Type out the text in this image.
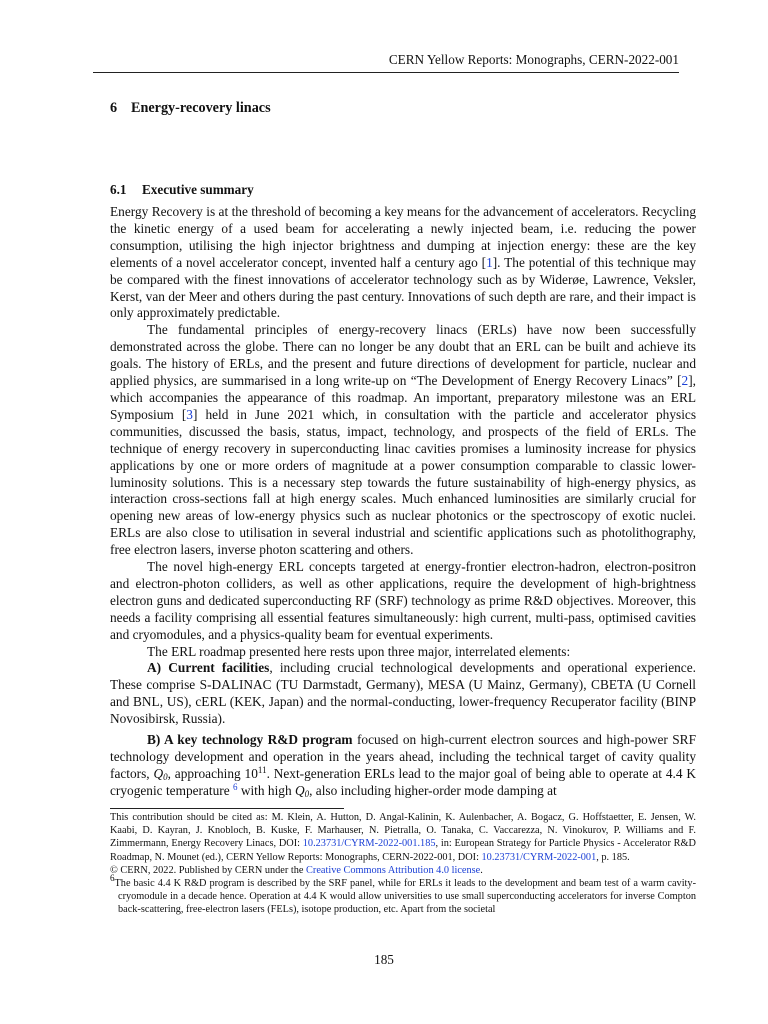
CERN Yellow Reports: Monographs, CERN-2022-001
6 Energy-recovery linacs
6.1 Executive summary

Energy Recovery is at the threshold of becoming a key means for the advancement of accelerators. Recycling the kinetic energy of a used beam for accelerating a newly injected beam, i.e. reducing the power consumption, utilising the high injector brightness and dumping at injection energy: these are the key elements of a novel accelerator concept, invented half a century ago [1]. The potential of this technique may be compared with the finest innovations of accelerator technology such as by Widerøe, Lawrence, Veksler, Kerst, van der Meer and others during the past century. Innovations of such depth are rare, and their impact is only approximately predictable.

The fundamental principles of energy-recovery linacs (ERLs) have now been successfully demonstrated across the globe. There can no longer be any doubt that an ERL can be built and achieve its goals. The history of ERLs, and the present and future directions of development for particle, nuclear and applied physics, are summarised in a long write-up on “The Development of Energy Recovery Linacs” [2], which accompanies the appearance of this roadmap. An important, preparatory milestone was an ERL Symposium [3] held in June 2021 which, in consultation with the particle and accelerator physics communities, discussed the basis, status, impact, technology, and prospects of the field of ERLs. The technique of energy recovery in superconducting linac cavities promises a luminosity increase for physics applications by one or more orders of magnitude at a power consumption comparable to classic lower-luminosity solutions. This is a necessary step towards the future sustainability of high-energy physics, as interaction cross-sections fall at high energy scales. Much enhanced luminosities are similarly crucial for opening new areas of low-energy physics such as nuclear photonics or the spectroscopy of exotic nuclei. ERLs are also close to utilisation in several industrial and scientific applications such as photolithography, free electron lasers, inverse photon scattering and others.

The novel high-energy ERL concepts targeted at energy-frontier electron-hadron, electron-positron and electron-photon colliders, as well as other applications, require the development of high-brightness electron guns and dedicated superconducting RF (SRF) technology as prime R&D objectives. Moreover, this needs a facility comprising all essential features simultaneously: high current, multi-pass, optimised cavities and cryomodules, and a physics-quality beam for eventual experiments.

The ERL roadmap presented here rests upon three major, interrelated elements:

A) Current facilities, including crucial technological developments and operational experience. These comprise S-DALINAC (TU Darmstadt, Germany), MESA (U Mainz, Germany), CBETA (U Cornell and BNL, US), cERL (KEK, Japan) and the normal-conducting, lower-frequency Recuperator facility (BINP Novosibirsk, Russia).

B) A key technology R&D program focused on high-current electron sources and high-power SRF technology development and operation in the years ahead, including the technical target of cavity quality factors, $Q_0$, approaching $10^{11}$. Next-generation ERLs lead to the major goal of being able to operate at 4.4 K cryogenic temperature $^6$ with high $Q_0$, also including higher-order mode damping at

This contribution should be cited as: M. Klein, A. Hutton, D. Angal-Kalinin, K. Aulenbacher, A. Bogacz, G. Hoffstaetter, E. Jensen, W. Kaabi, D. Kayran, J. Knobloch, B. Kuske, F. Marhauser, N. Pietralla, O. Tanaka, C. Vaccarezza, N. Vinokurov, P. Williams and F. Zimmermann, Energy Recovery Linacs, DOI: 10.23731/CYRM-2022-001.185, in: European Strategy for Particle Physics - Accelerator R&D Roadmap, N. Mounet (ed.), CERN Yellow Reports: Monographs, CERN-2022-001, DOI: 10.23731/CYRM-2022-001, p. 185.

© CERN, 2022. Published by CERN under the Creative Commons Attribution 4.0 license.

$^6$The basic 4.4 K R&D program is described by the SRF panel, while for ERLs it leads to the development and beam test of a warm cavity-cryomodule in a decade hence. Operation at 4.4 K would allow universities to use small superconducting accelerators for inverse Compton back-scattering, free-electron lasers (FELs), isotope production, etc. Apart from the societal

185
